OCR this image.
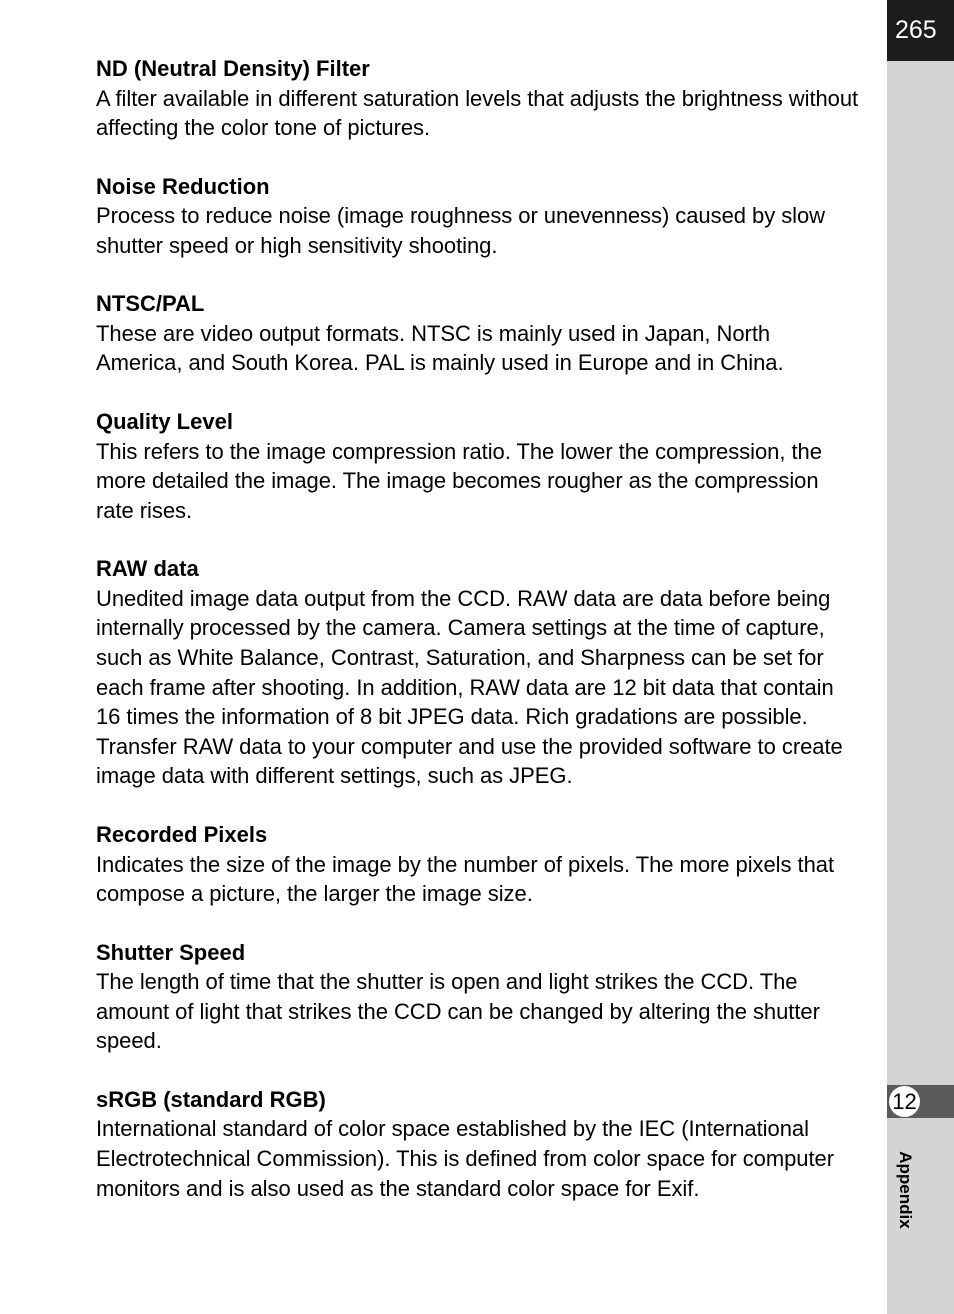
265
12
Appendix
ND (Neutral Density) Filter
A filter available in different saturation levels that adjusts the brightness without affecting the color tone of pictures.
Noise Reduction
Process to reduce noise (image roughness or unevenness) caused by slow shutter speed or high sensitivity shooting.
NTSC/PAL
These are video output formats. NTSC is mainly used in Japan, North America, and South Korea. PAL is mainly used in Europe and in China.
Quality Level
This refers to the image compression ratio. The lower the compression, the more detailed the image. The image becomes rougher as the compression rate rises.
RAW data
Unedited image data output from the CCD. RAW data are data before being internally processed by the camera. Camera settings at the time of capture, such as White Balance, Contrast, Saturation, and Sharpness can be set for each frame after shooting. In addition, RAW data are 12 bit data that contain 16 times the information of 8 bit JPEG data. Rich gradations are possible. Transfer RAW data to your computer and use the provided software to create image data with different settings, such as JPEG.
Recorded Pixels
Indicates the size of the image by the number of pixels. The more pixels that compose a picture, the larger the image size.
Shutter Speed
The length of time that the shutter is open and light strikes the CCD. The amount of light that strikes the CCD can be changed by altering the shutter speed.
sRGB (standard RGB)
International standard of color space established by the IEC (International Electrotechnical Commission). This is defined from color space for computer monitors and is also used as the standard color space for Exif.
